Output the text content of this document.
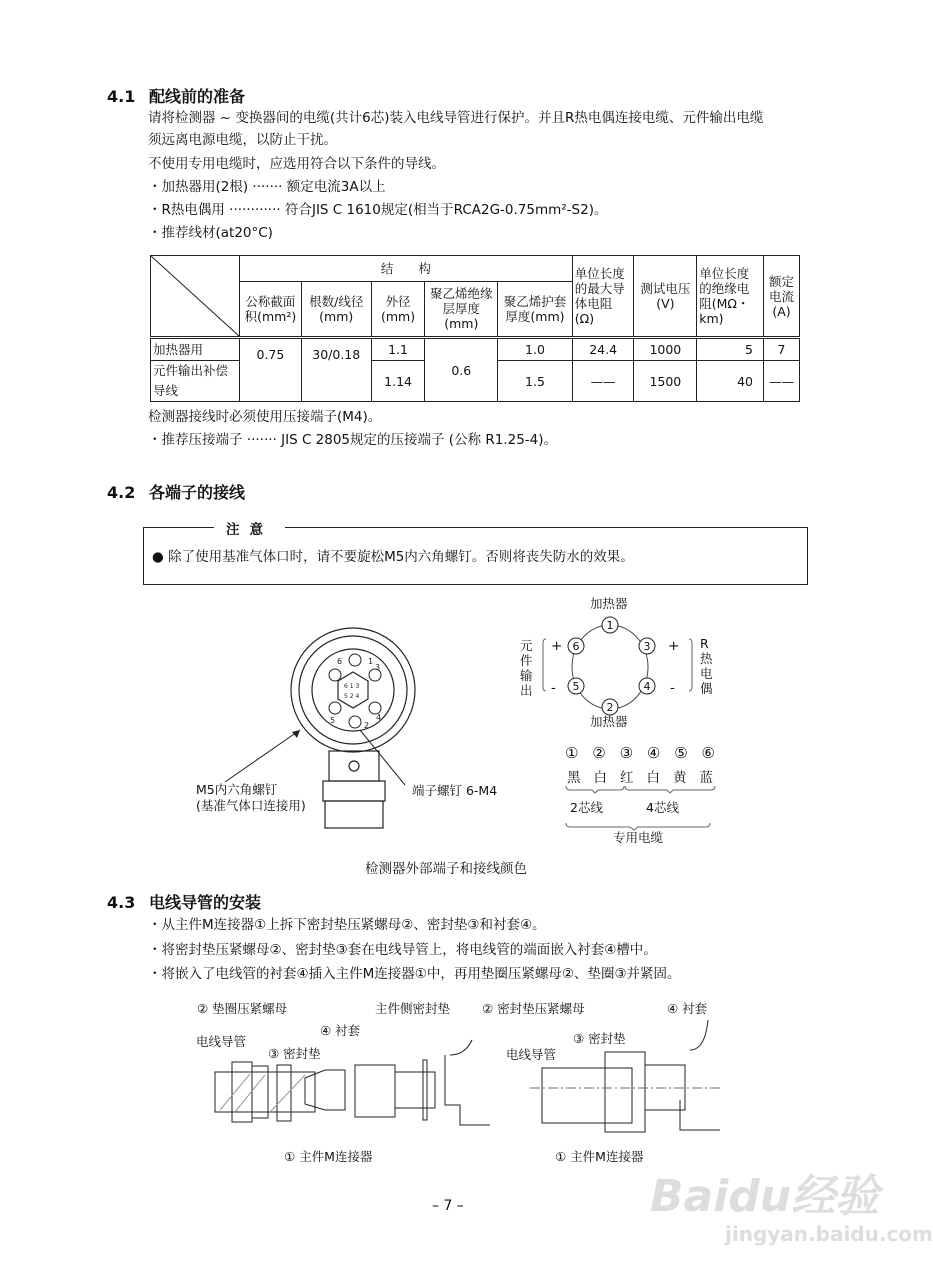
4.1 配线前的准备
请将检测器 ~ 变换器间的电缆(共计6芯)装入电线导管进行保护。并且R热电偶连接电缆、元件输出电缆
须远离电源电缆，以防止干扰。
不使用专用电缆时，应选用符合以下条件的导线。
・加热器用(2根) ······· 额定电流3A以上
・R热电偶用 ············ 符合JIS C 1610规定(相当于RCA2G-0.75mm²-S2)。
・推荐线材(at20°C)
	结　　构					单位长度的最大导体电阻(Ω)	测试电压(V)	单位长度的绝缘电阻(MΩ・km)	额定电流(A)
	公称截面积(mm²)	根数/线径(mm)	外径(mm)	聚乙烯绝缘层厚度(mm)	聚乙烯护套厚度(mm)				
加热器用	0.75	30/0.18	1.1	0.6	1.0	24.4	1000	5	7
元件输出补偿导线			1.14		1.5	——	1500	40	——
检测器接线时必须使用压接端子(M4)。
・推荐压接端子 ······· JIS C 2805规定的压接端子 (公称 R1.25-4)。
4.2 各端子的接线
注意
● 除了使用基准气体口时，请不要旋松M5内六角螺钉。否则将丧失防水的效果。
6	1
3
5	4
2
6 1 3
5 2 4
M5内六角螺钉
(基准气体口连接用)
端子螺钉 6-M4
1
6	3
5	4
2
加热器
加热器
元件输出
R热电偶
+
-
+
-
① ② ③ ④ ⑤ ⑥
黑 白 红 白 黄 蓝
2芯线	4芯线
专用电缆
检测器外部端子和接线颜色
4.3 电线导管的安装
・从主件M连接器①上拆下密封垫压紧螺母②、密封垫③和衬套④。
・将密封垫压紧螺母②、密封垫③套在电线导管上，将电线管的端面嵌入衬套④槽中。
・将嵌入了电线管的衬套④插入主件M连接器①中，再用垫圈压紧螺母②、垫圈③并紧固。
② 垫圈压紧螺母
电线导管
③ 密封垫
④ 衬套
主件侧密封垫
① 主件M连接器
② 密封垫压紧螺母	④ 衬套
③ 密封垫
电线导管
① 主件M连接器
– 7 –	Baidu经验
jingyan.baidu.com
